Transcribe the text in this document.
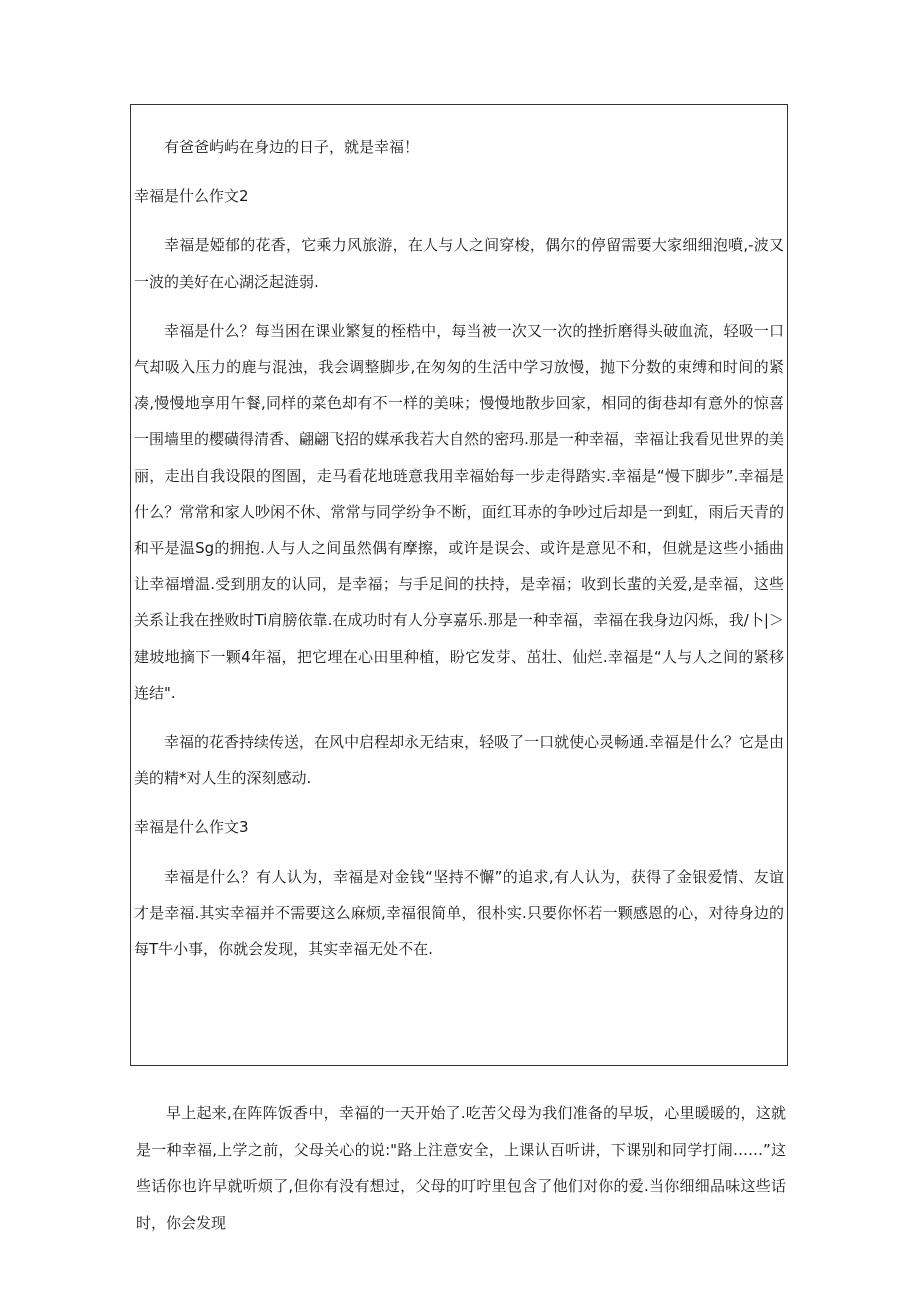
有爸爸屿屿在身边的日子，就是幸福！

幸福是什么作文2

幸福是婭郁的花香，它乘力风旅游，在人与人之间穿梭，偶尔的停留需要大家细细泡噴,-波又一波的美好在心湖泛起涟弱.

幸福是什么？每当困在课业繁复的桎梏中，每当被一次又一次的挫折磨得头破血流，轻吸一口气却吸入压力的鹿与混浊，我会调整脚步,在匆匆的生活中学习放慢，抛下分数的束缚和时间的紧凑,慢慢地享用午餐,同样的菜色却有不一样的美味；慢慢地散步回家，相同的街巷却有意外的惊喜一围墙里的樱磺得清香、翩翩飞招的媒承我若大自然的密玛.那是一种幸福，幸福让我看见世界的美丽，走出自我设限的图圄，走马看花地琏意我用幸福始每一步走得踏实.幸福是“慢下脚步”.幸福是什么？常常和家人吵闲不休、常常与同学纷争不断，面红耳赤的争吵过后却是一到虹，雨后天青的和平是温Sg的拥抱.人与人之间虽然偶有摩擦，或许是误会、或许是意见不和，但就是这些小插曲让幸福增温.受到朋友的认同，是幸福；与手足间的扶持，是幸福；收到长蜚的关爱,是幸福，这些关系让我在挫败时Ti肩膀依靠.在成功时有人分享嘉乐.那是一种幸福，幸福在我身边闪烁，我/卜|＞建坡地摘下一颗4年福，把它埋在心田里种植，盼它发芽、茁壮、仙烂.幸福是“人与人之间的紧移连结".

幸福的花香持续传送，在风中启程却永无结束，轻吸了一口就使心灵畅通.幸福是什么？它是由美的精*对人生的深刻感动.

幸福是什么作文3

幸福是什么？有人认为，幸福是对金钱“坚持不懈”的追求,有人认为，获得了金银爱情、友谊才是幸福.其实幸福并不需要这么麻烦,幸福很简单，很朴实.只要你怀若一颗感恩的心，对待身边的每T牛小事，你就会发现，其实幸福无处不在.

早上起来,在阵阵饭香中，幸福的一天开始了.吃苦父母为我们准备的早坂，心里暖暖的，这就是一种幸福,上学之前，父母关心的说:"路上注意安全，上课认百听讲，下课别和同学打闹……”这些话你也许早就听烦了,但你有没有想过，父母的叮咛里包含了他们对你的爱.当你细细品味这些话时，你会发现
